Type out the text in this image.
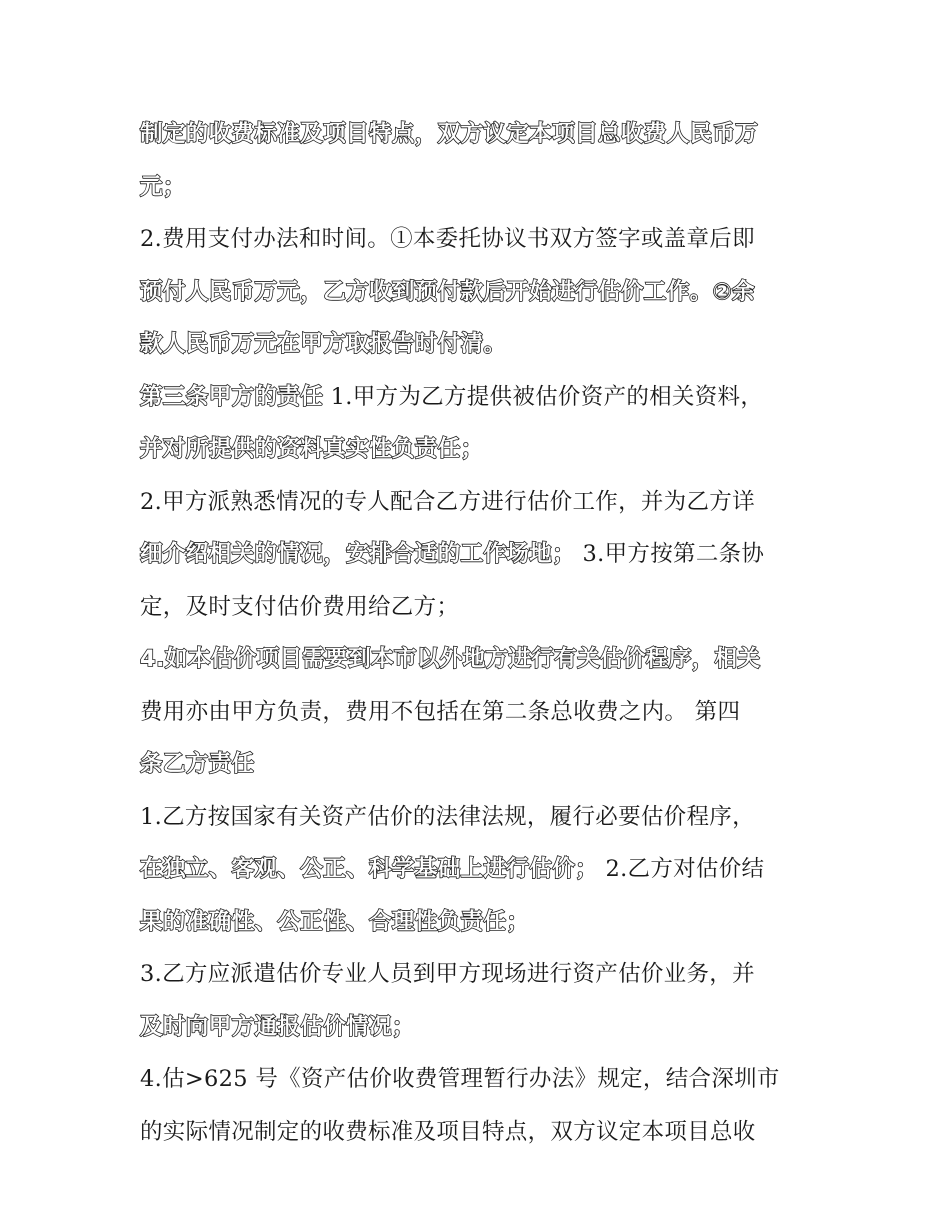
制定的收费标准及项目特点，双方议定本项目总收费人民币万
元；
2.费用支付办法和时间。①本委托协议书双方签字或盖章后即
预付人民币万元，乙方收到预付款后开始进行估价工作。②余
款人民币万元在甲方取报告时付清。
第三条甲方的责任 1.甲方为乙方提供被估价资产的相关资料，
并对所提供的资料真实性负责任；
2.甲方派熟悉情况的专人配合乙方进行估价工作，并为乙方详
细介绍相关的情况，安排合适的工作场地； 3.甲方按第二条协
定，及时支付估价费用给乙方；
4.如本估价项目需要到本市以外地方进行有关估价程序，相关
费用亦由甲方负责，费用不包括在第二条总收费之内。 第四
条乙方责任
1.乙方按国家有关资产估价的法律法规，履行必要估价程序，
在独立、客观、公正、科学基础上进行估价； 2.乙方对估价结
果的准确性、公正性、合理性负责任；
3.乙方应派遣估价专业人员到甲方现场进行资产估价业务，并
及时向甲方通报估价情况；
4.估>625 号《资产估价收费管理暂行办法》规定，结合深圳市
的实际情况制定的收费标准及项目特点，双方议定本项目总收
